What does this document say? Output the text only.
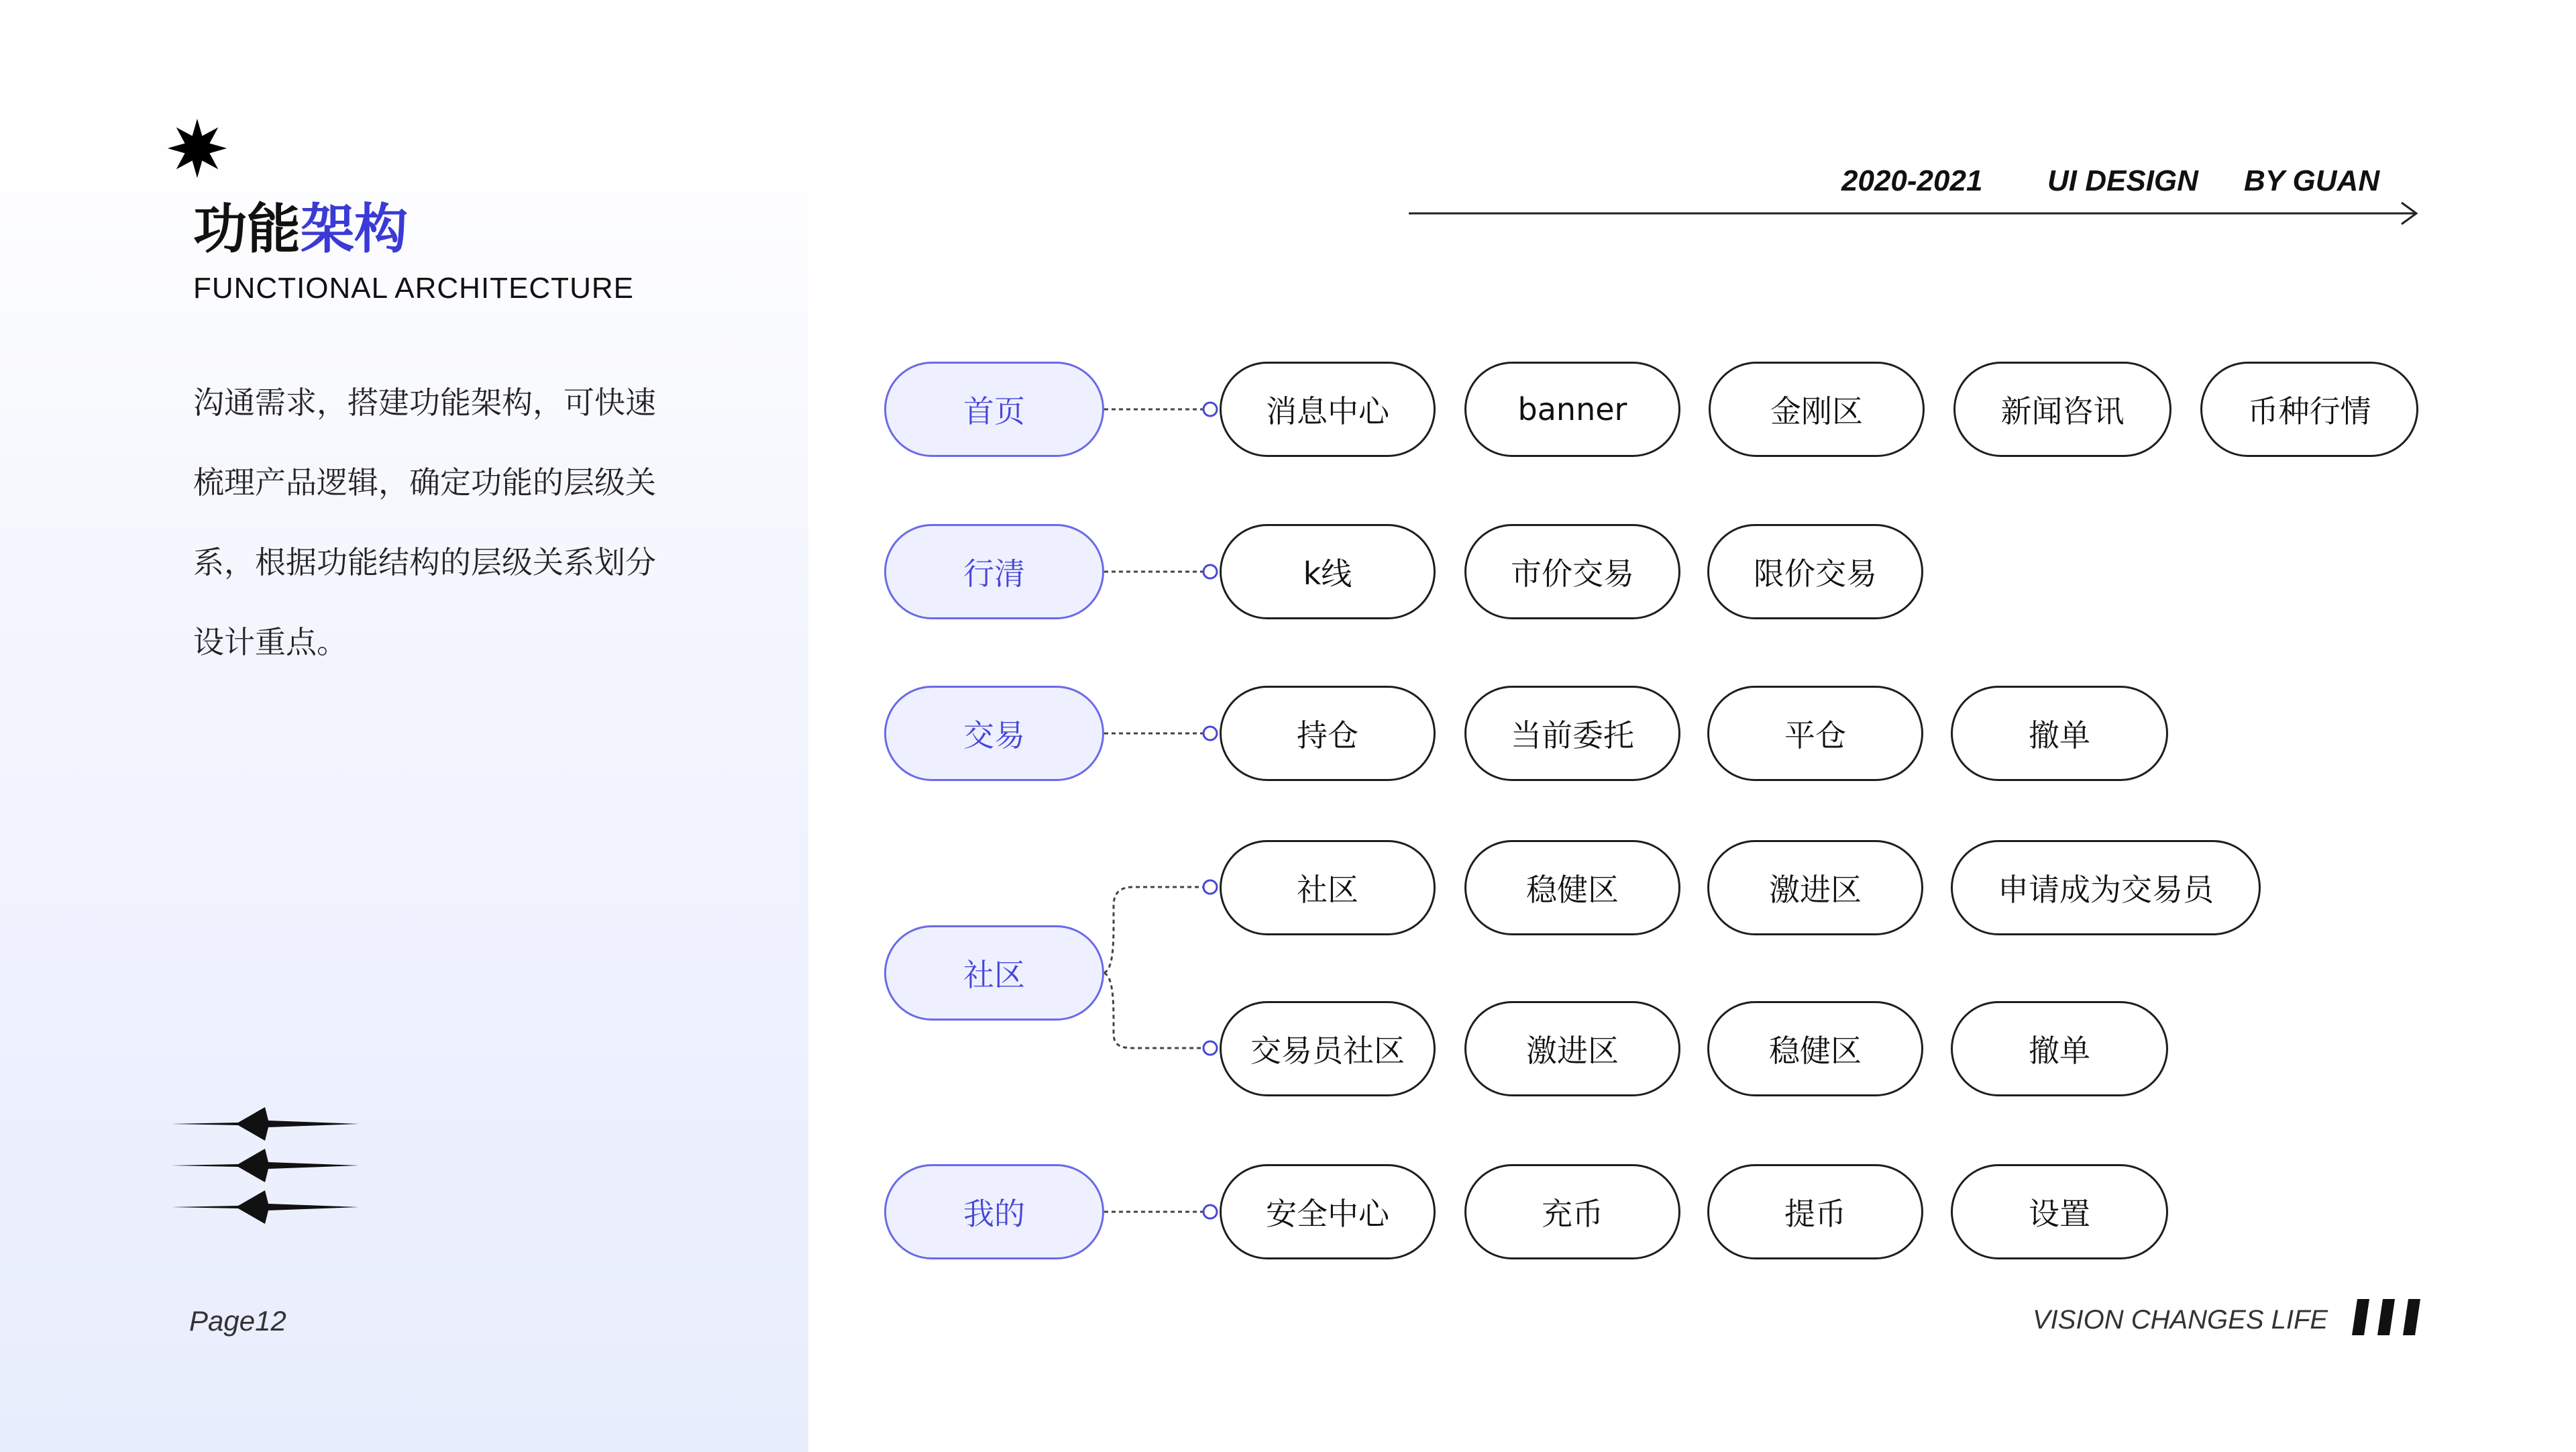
功能架构
FUNCTIONAL ARCHITECTURE
沟通需求，搭建功能架构，可快速
梳理产品逻辑，确定功能的层级关
系，根据功能结构的层级关系划分
设计重点。
Page12
2020-2021 UI DESIGN BY GUAN
首页
行清
交易
社区
我的
消息中心	banner	金刚区	新闻咨讯	币种行情
k线	市价交易	限价交易
持仓	当前委托	平仓	撤单
社区	稳健区	激进区	申请成为交易员
交易员社区	激进区	稳健区	撤单
安全中心	充币	提币	设置
VISION CHANGES LIFE
